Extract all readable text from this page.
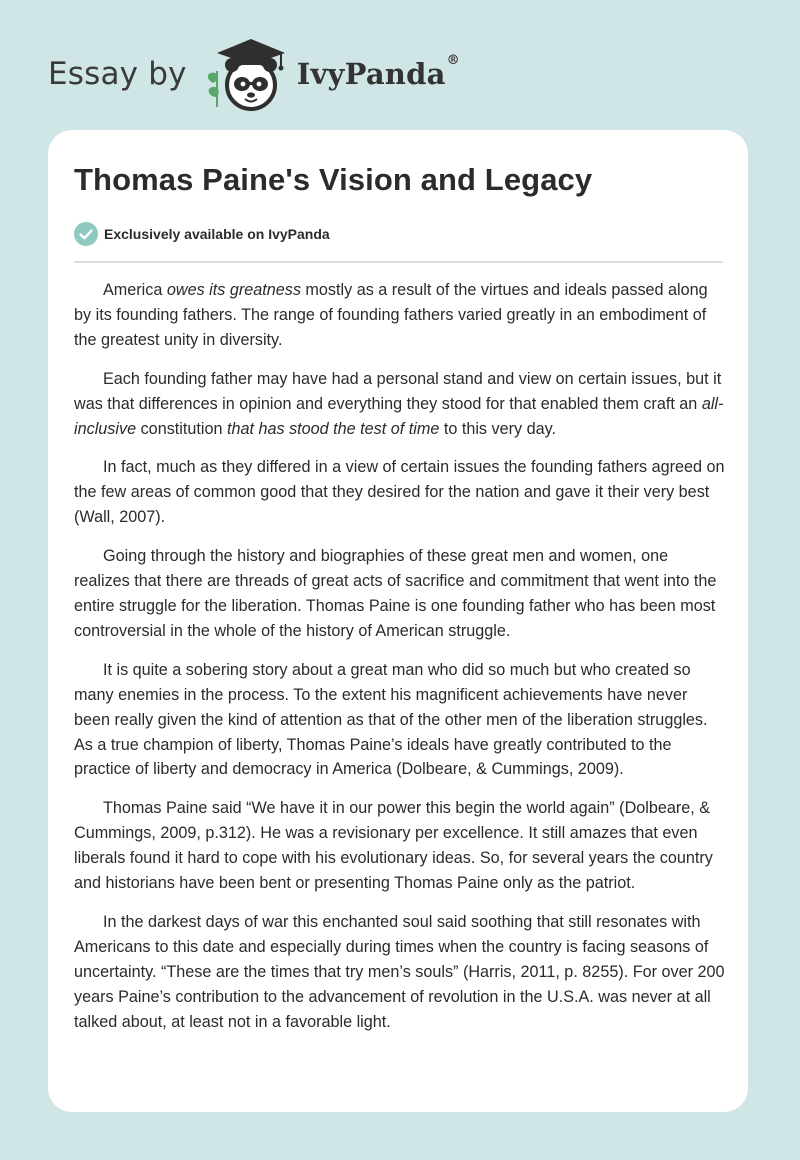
Essay by	IvyPanda®
Thomas Paine's Vision and Legacy
Exclusively available on IvyPanda

America owes its greatness mostly as a result of the virtues and ideals passed along by its founding fathers. The range of founding fathers varied greatly in an embodiment of the greatest unity in diversity.

Each founding father may have had a personal stand and view on certain issues, but it was that differences in opinion and everything they stood for that enabled them craft an all-inclusive constitution that has stood the test of time to this very day.

In fact, much as they differed in a view of certain issues the founding fathers agreed on the few areas of common good that they desired for the nation and gave it their very best (Wall, 2007).

Going through the history and biographies of these great men and women, one realizes that there are threads of great acts of sacrifice and commitment that went into the entire struggle for the liberation. Thomas Paine is one founding father who has been most controversial in the whole of the history of American struggle.

It is quite a sobering story about a great man who did so much but who created so many enemies in the process. To the extent his magnificent achievements have never been really given the kind of attention as that of the other men of the liberation struggles. As a true champion of liberty, Thomas Paine’s ideals have greatly contributed to the practice of liberty and democracy in America (Dolbeare, & Cummings, 2009).

Thomas Paine said “We have it in our power this begin the world again” (Dolbeare, & Cummings, 2009, p.312). He was a revisionary per excellence. It still amazes that even liberals found it hard to cope with his evolutionary ideas. So, for several years the country and historians have been bent or presenting Thomas Paine only as the patriot.

In the darkest days of war this enchanted soul said soothing that still resonates with Americans to this date and especially during times when the country is facing seasons of uncertainty. “These are the times that try men’s souls” (Harris, 2011, p. 8255). For over 200 years Paine’s contribution to the advancement of revolution in the U.S.A. was never at all talked about, at least not in a favorable light.
